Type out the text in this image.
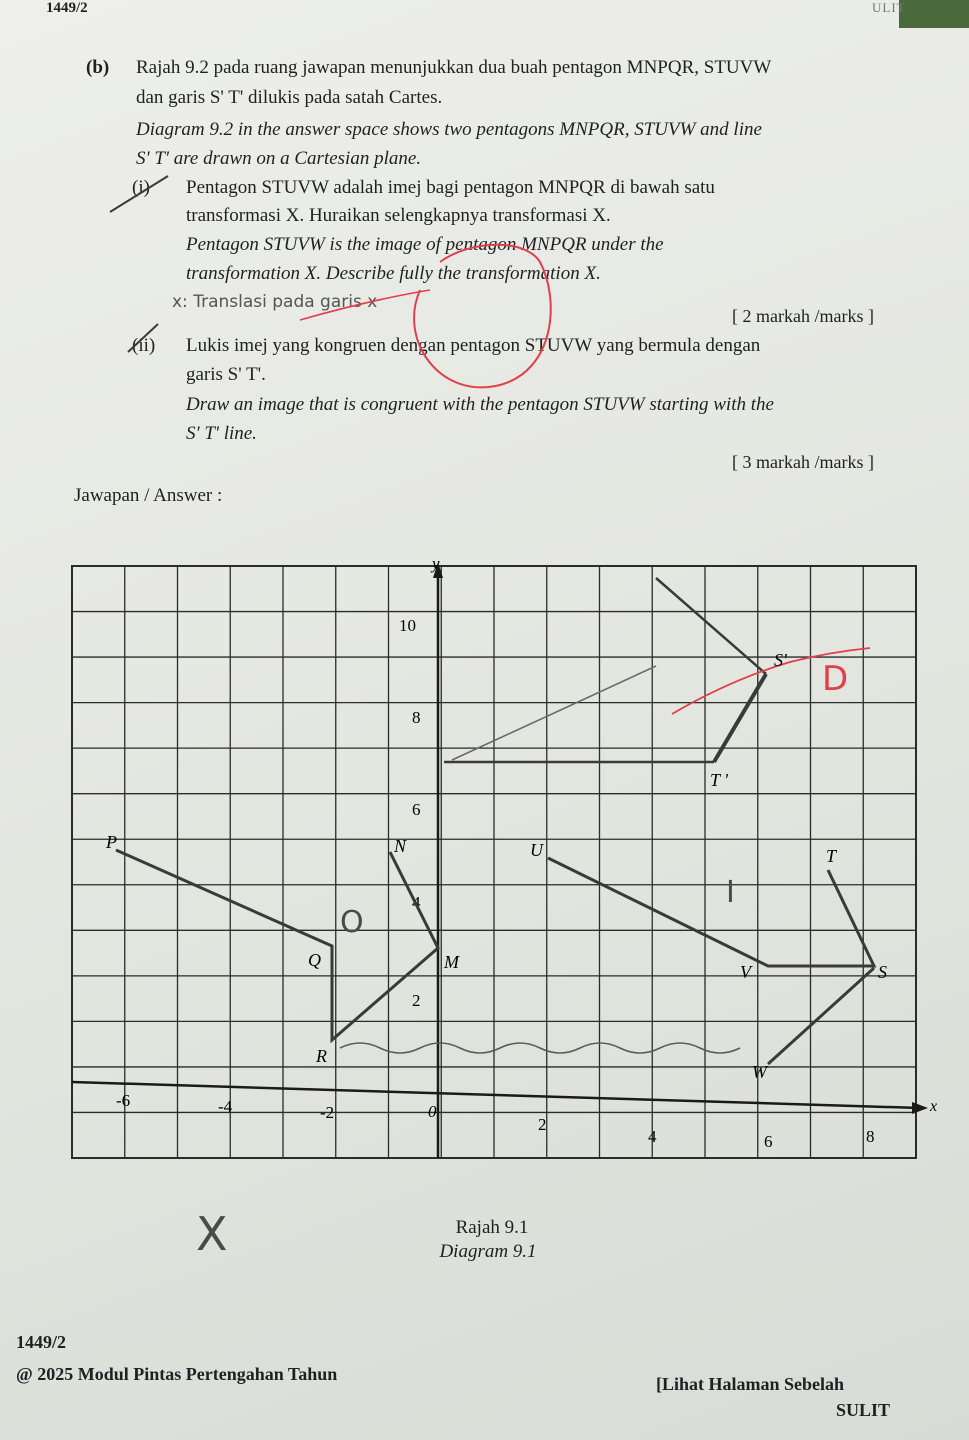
1449/2	ULIT
(b) Rajah 9.2 pada ruang jawapan menunjukkan dua buah pentagon MNPQR, STUVW
dan garis S' T' dilukis pada satah Cartes.
Diagram 9.2 in the answer space shows two pentagons MNPQR, STUVW and line
S' T' are drawn on a Cartesian plane.
(i) Pentagon STUVW adalah imej bagi pentagon MNPQR di bawah satu
transformasi X. Huraikan selengkapnya transformasi X.
Pentagon STUVW is the image of pentagon MNPQR under the
transformation X. Describe fully the transformation X.
x: Translasi pada garis x
[ 2 markah /marks ]
(ii) Lukis imej yang kongruen dengan pentagon STUVW yang bermula dengan
garis S' T'.
Draw an image that is congruent with the pentagon STUVW starting with the
S' T' line.
[ 3 markah /marks ]
Jawapan / Answer :
y
x
10
8
6
4
2
-6	-4	-2	0
2
4	6	8
P
Q
R
M
N
S
T
U
V
W
S'
T '
O
I
D
X	Rajah 9.1
Diagram 9.1
1449/2
@ 2025 Modul Pintas Pertengahan Tahun	[Lihat Halaman Sebelah
SULIT
